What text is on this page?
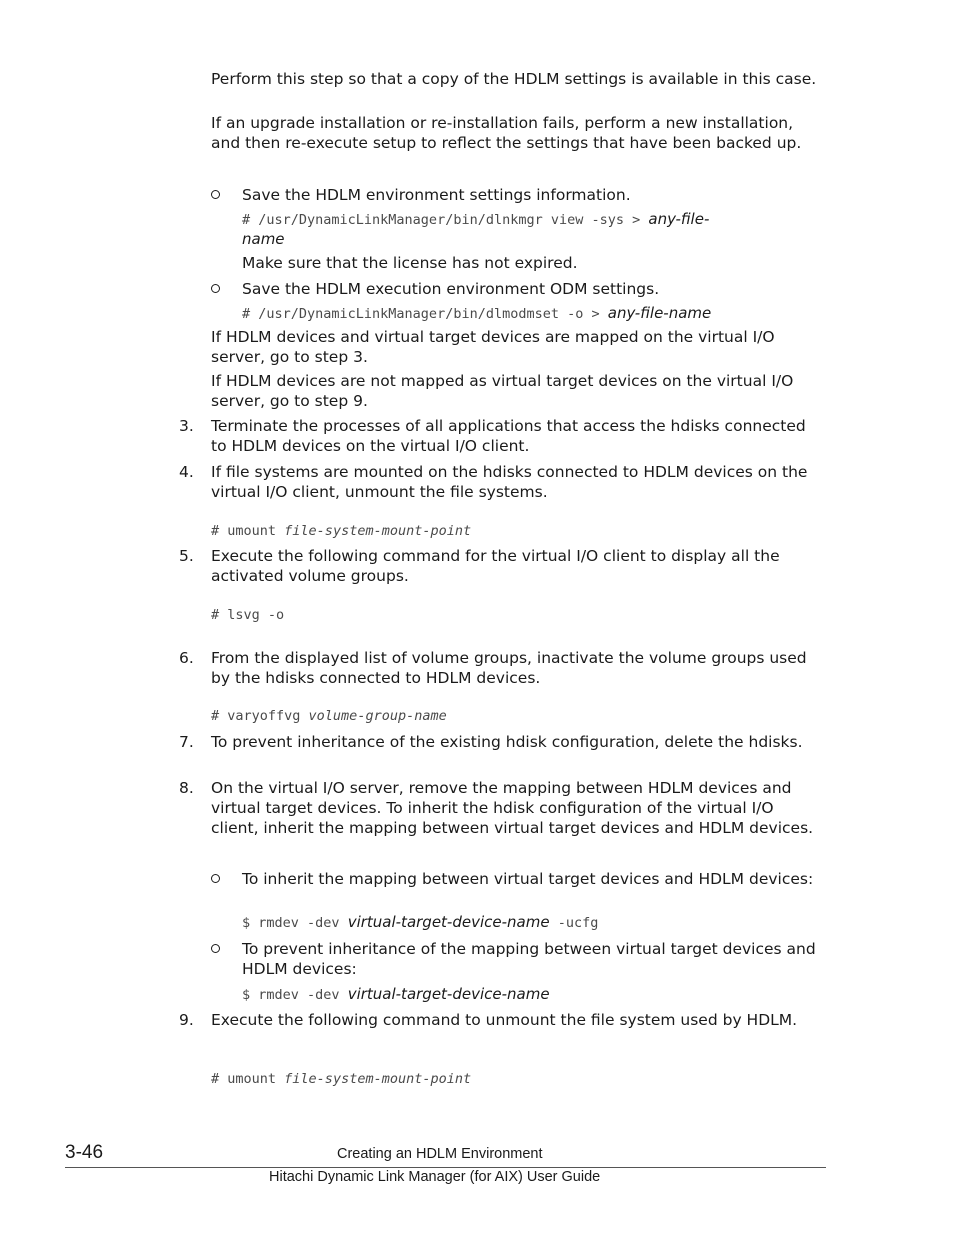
Perform this step so that a copy of the HDLM settings is available in this case.

If an upgrade installation or re-installation fails, perform a new installation, and then re-execute setup to reflect the settings that have been backed up.

Save the HDLM environment settings information.

# /usr/DynamicLinkManager/bin/dlnkmgr view -sys > any-file-
name

Make sure that the license has not expired.

Save the HDLM execution environment ODM settings.

# /usr/DynamicLinkManager/bin/dlmodmset -o > any-file-name

If HDLM devices and virtual target devices are mapped on the virtual I/O server, go to step 3.

If HDLM devices are not mapped as virtual target devices on the virtual I/O server, go to step 9.

3. Terminate the processes of all applications that access the hdisks connected to HDLM devices on the virtual I/O client.

4. If file systems are mounted on the hdisks connected to HDLM devices on the virtual I/O client, unmount the file systems.

# umount file-system-mount-point
5. Execute the following command for the virtual I/O client to display all the activated volume groups.

# lsvg -o
6. From the displayed list of volume groups, inactivate the volume groups used by the hdisks connected to HDLM devices.

# varyoffvg volume-group-name
7. To prevent inheritance of the existing hdisk configuration, delete the hdisks.

8. On the virtual I/O server, remove the mapping between HDLM devices and virtual target devices. To inherit the hdisk configuration of the virtual I/O client, inherit the mapping between virtual target devices and HDLM devices.

To inherit the mapping between virtual target devices and HDLM devices:

$ rmdev -dev virtual-target-device-name -ucfg

To prevent inheritance of the mapping between virtual target devices and HDLM devices:

$ rmdev -dev virtual-target-device-name
9. Execute the following command to unmount the file system used by HDLM.

# umount file-system-mount-point
3-46	Creating an HDLM Environment
Hitachi Dynamic Link Manager (for AIX) User Guide
